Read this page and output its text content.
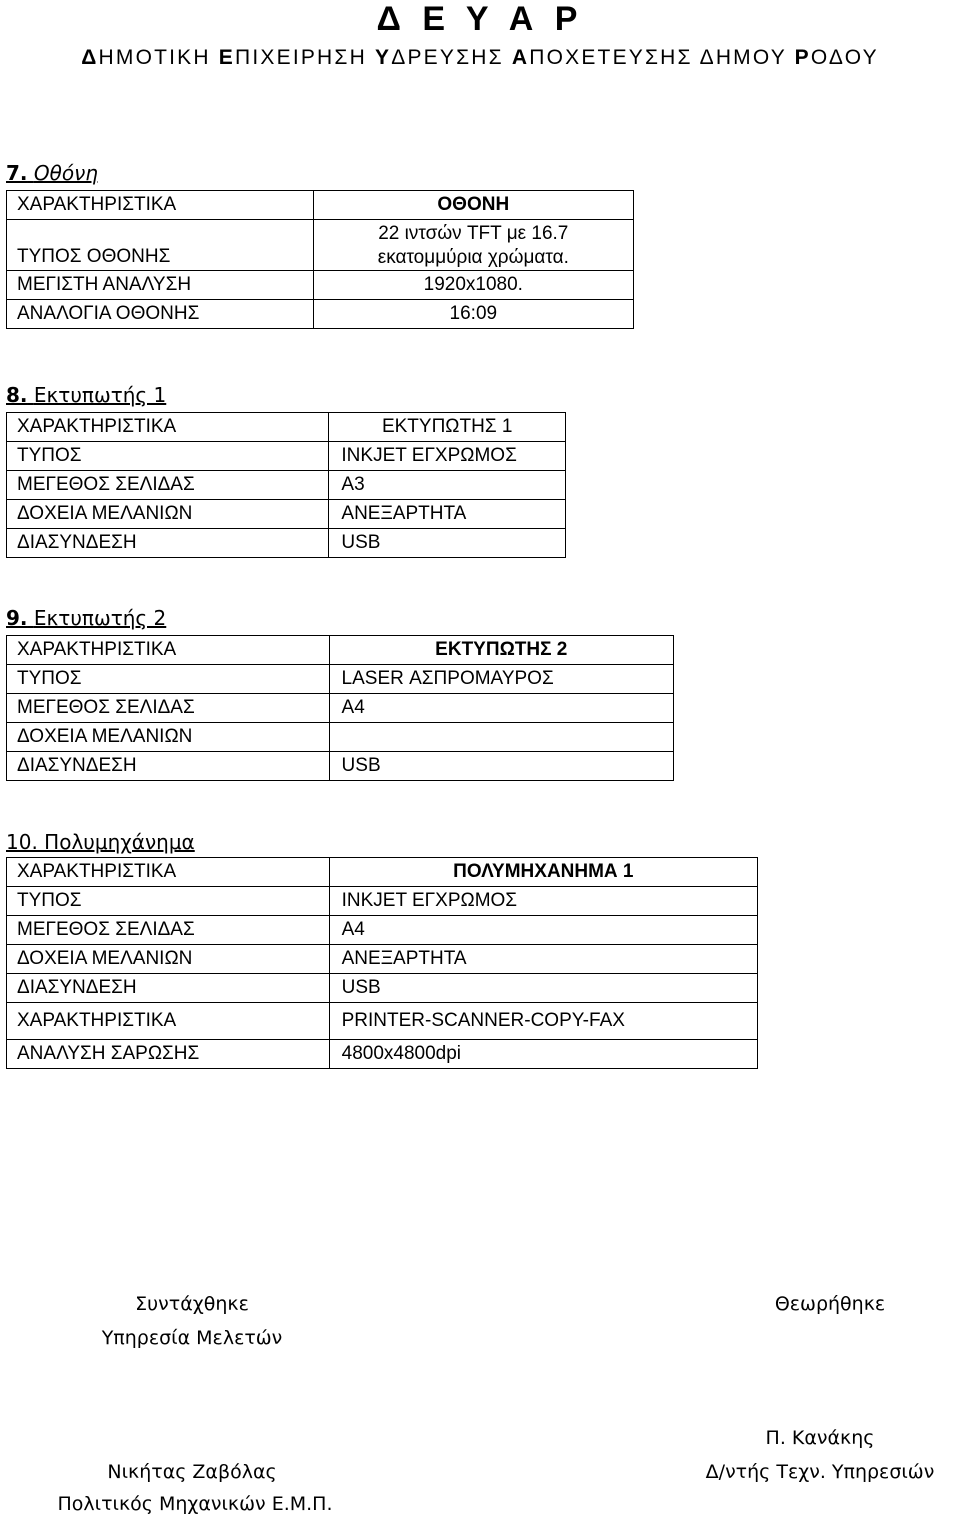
Δ Ε Υ Α Ρ
ΔΗΜΟΤΙΚΗ ΕΠΙΧΕΙΡΗΣΗ ΥΔΡΕΥΣΗΣ ΑΠΟΧΕΤΕΥΣΗΣ ΔΗΜΟΥ ΡΟΔΟΥ
7. Οθόνη
ΧΑΡΑΚΤΗΡΙΣΤΙΚΑ	ΟΘΟΝΗ
ΤΥΠΟΣ ΟΘΟΝΗΣ	22 ιντσών TFT με 16.7
εκατομμύρια χρώματα.

ΜΕΓΙΣΤΗ ΑΝΑΛΥΣΗ	1920x1080.
ΑΝΑΛΟΓΙΑ ΟΘΟΝΗΣ	16:09
8. Εκτυπωτής 1
ΧΑΡΑΚΤΗΡΙΣΤΙΚΑ	ΕΚΤΥΠΩΤΗΣ 1
ΤΥΠΟΣ	INKJET ΕΓΧΡΩΜΟΣ
ΜΕΓΕΘΟΣ ΣΕΛΙΔΑΣ	A3
ΔΟΧΕΙΑ ΜΕΛΑΝΙΩΝ	ΑΝΕΞΑΡΤΗΤΑ
ΔΙΑΣΥΝΔΕΣΗ	USB
9. Εκτυπωτής 2
ΧΑΡΑΚΤΗΡΙΣΤΙΚΑ	ΕΚΤΥΠΩΤΗΣ 2
ΤΥΠΟΣ	LASER ΑΣΠΡΟΜΑΥΡΟΣ
ΜΕΓΕΘΟΣ ΣΕΛΙΔΑΣ	A4
ΔΟΧΕΙΑ ΜΕΛΑΝΙΩΝ	
ΔΙΑΣΥΝΔΕΣΗ	USB
10. Πολυμηχάνημα
ΧΑΡΑΚΤΗΡΙΣΤΙΚΑ	ΠΟΛΥΜΗΧΑΝΗΜΑ 1
ΤΥΠΟΣ	INKJET ΕΓΧΡΩΜΟΣ
ΜΕΓΕΘΟΣ ΣΕΛΙΔΑΣ	A4
ΔΟΧΕΙΑ ΜΕΛΑΝΙΩΝ	ΑΝΕΞΑΡΤΗΤΑ
ΔΙΑΣΥΝΔΕΣΗ	USB
ΧΑΡΑΚΤΗΡΙΣΤΙΚΑ	PRINTER-SCANNER-COPY-FAX
ΑΝΑΛΥΣΗ ΣΑΡΩΣΗΣ	4800x4800dpi
Συντάχθηκε
Υπηρεσία Μελετών
Θεωρήθηκε
Νικήτας Ζαβόλας
Πολιτικός Μηχανικών Ε.Μ.Π.
Π. Κανάκης
Δ/ντής Τεχν. Υπηρεσιών
